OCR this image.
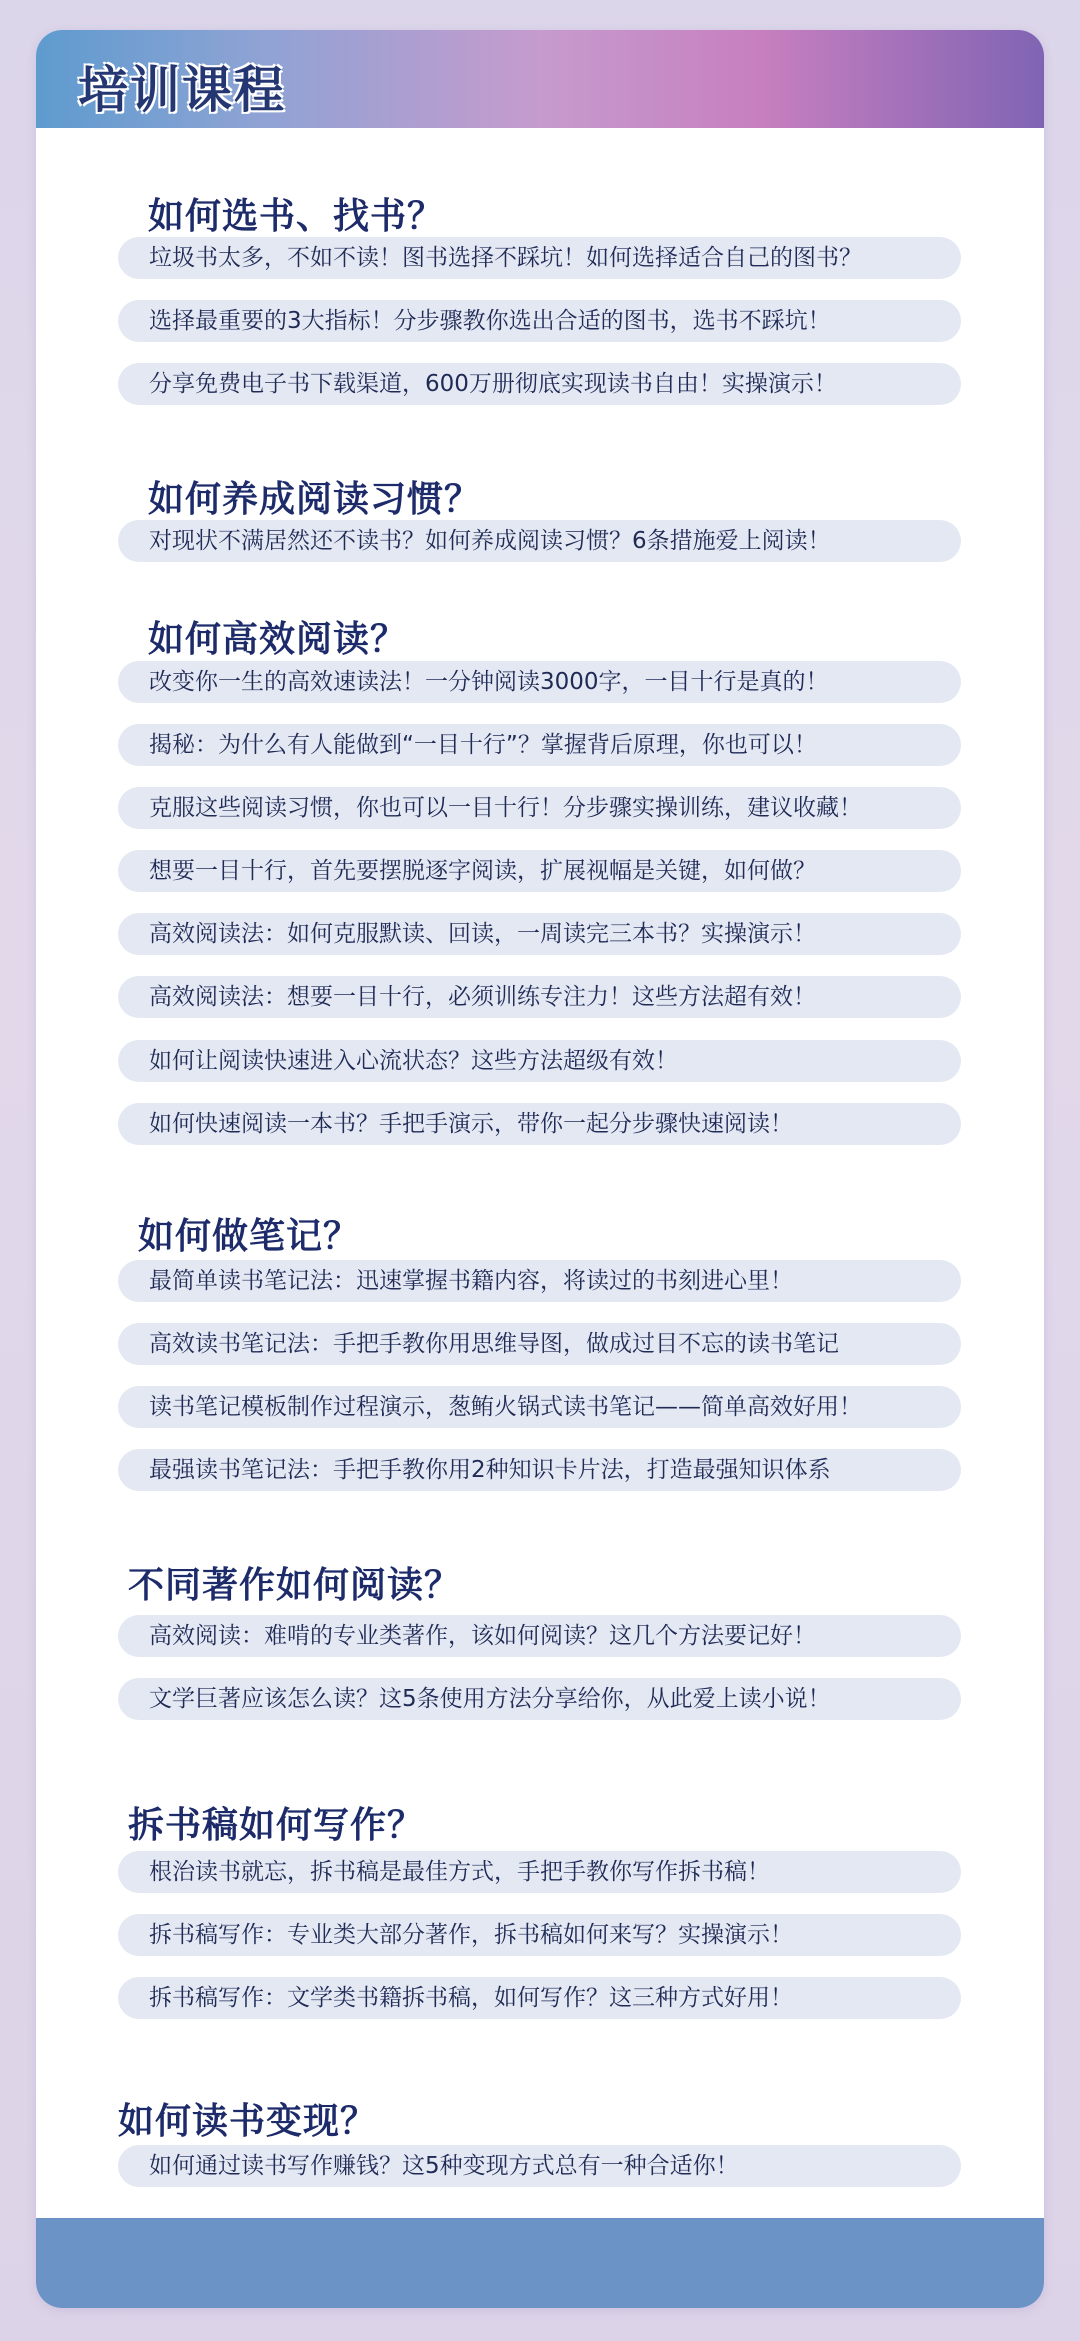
培训课程
如何选书、找书？
垃圾书太多，不如不读！图书选择不踩坑！如何选择适合自己的图书？
选择最重要的3大指标！分步骤教你选出合适的图书，选书不踩坑！
分享免费电子书下载渠道，600万册彻底实现读书自由！实操演示！
如何养成阅读习惯？
对现状不满居然还不读书？如何养成阅读习惯？6条措施爱上阅读！
如何高效阅读？
改变你一生的高效速读法！一分钟阅读3000字，一目十行是真的！
揭秘：为什么有人能做到“一目十行”？掌握背后原理，你也可以！
克服这些阅读习惯，你也可以一目十行！分步骤实操训练，建议收藏！
想要一目十行，首先要摆脱逐字阅读，扩展视幅是关键，如何做？
高效阅读法：如何克服默读、回读，一周读完三本书？实操演示！
高效阅读法：想要一目十行，必须训练专注力！这些方法超有效！
如何让阅读快速进入心流状态？这些方法超级有效！
如何快速阅读一本书？手把手演示，带你一起分步骤快速阅读！
如何做笔记？
最简单读书笔记法：迅速掌握书籍内容，将读过的书刻进心里！
高效读书笔记法：手把手教你用思维导图，做成过目不忘的读书笔记
读书笔记模板制作过程演示，葱鲔火锅式读书笔记——简单高效好用！
最强读书笔记法：手把手教你用2种知识卡片法，打造最强知识体系
不同著作如何阅读？
高效阅读：难啃的专业类著作，该如何阅读？这几个方法要记好！
文学巨著应该怎么读？这5条使用方法分享给你，从此爱上读小说！
拆书稿如何写作？
根治读书就忘，拆书稿是最佳方式，手把手教你写作拆书稿！
拆书稿写作：专业类大部分著作，拆书稿如何来写？实操演示！
拆书稿写作：文学类书籍拆书稿，如何写作？这三种方式好用！
如何读书变现？
如何通过读书写作赚钱？这5种变现方式总有一种合适你！
